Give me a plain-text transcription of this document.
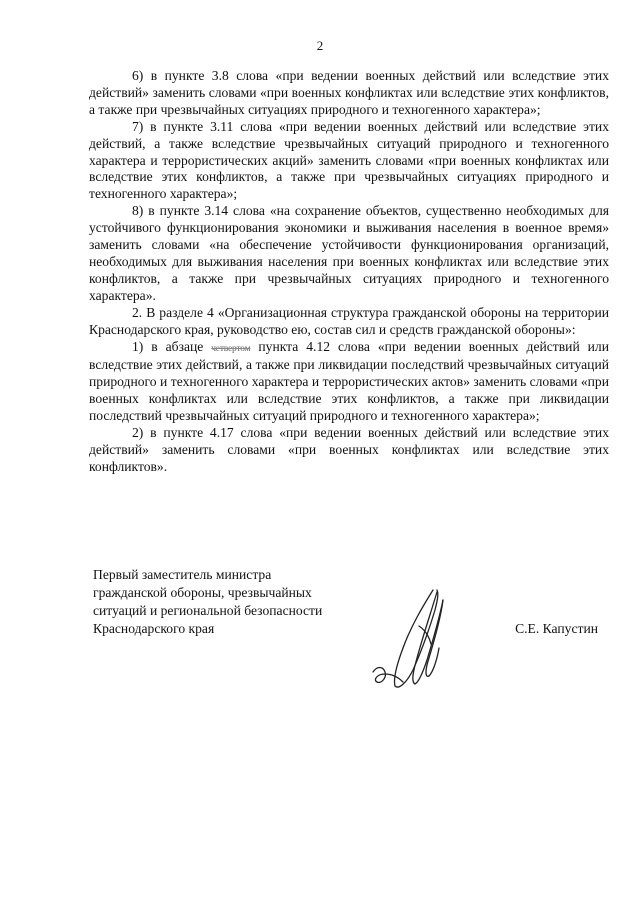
2

6) в пункте 3.8 слова «при ведении военных действий или вследствие этих действий» заменить словами «при военных конфликтах или вследствие этих конфликтов, а также при чрезвычайных ситуациях природного и техногенного характера»;

7) в пункте 3.11 слова «при ведении военных действий или вследствие этих действий, а также вследствие чрезвычайных ситуаций природного и техногенного характера и террористических акций» заменить словами «при военных конфликтах или вследствие этих конфликтов, а также при чрезвычайных ситуациях природного и техногенного характера»;

8) в пункте 3.14 слова «на сохранение объектов, существенно необходимых для устойчивого функционирования экономики и выживания населения в военное время» заменить словами «на обеспечение устойчивости функционирования организаций, необходимых для выживания населения при военных конфликтах или вследствие этих конфликтов, а также при чрезвычайных ситуациях природного и техногенного характера».

2. В разделе 4 «Организационная структура гражданской обороны на территории Краснодарского края, руководство ею, состав сил и средств гражданской обороны»:

1) в абзаце четвертом пункта 4.12 слова «при ведении военных действий или вследствие этих действий, а также при ликвидации последствий чрезвычайных ситуаций природного и техногенного характера и террористических актов» заменить словами «при военных конфликтах или вследствие этих конфликтов, а также при ликвидации последствий чрезвычайных ситуаций природного и техногенного характера»;

2) в пункте 4.17 слова «при ведении военных действий или вследствие этих действий» заменить словами «при военных конфликтах или вследствие этих конфликтов».

Первый заместитель министра
гражданской обороны, чрезвычайных
ситуаций и региональной безопасности
Краснодарского края	С.Е. Капустин
